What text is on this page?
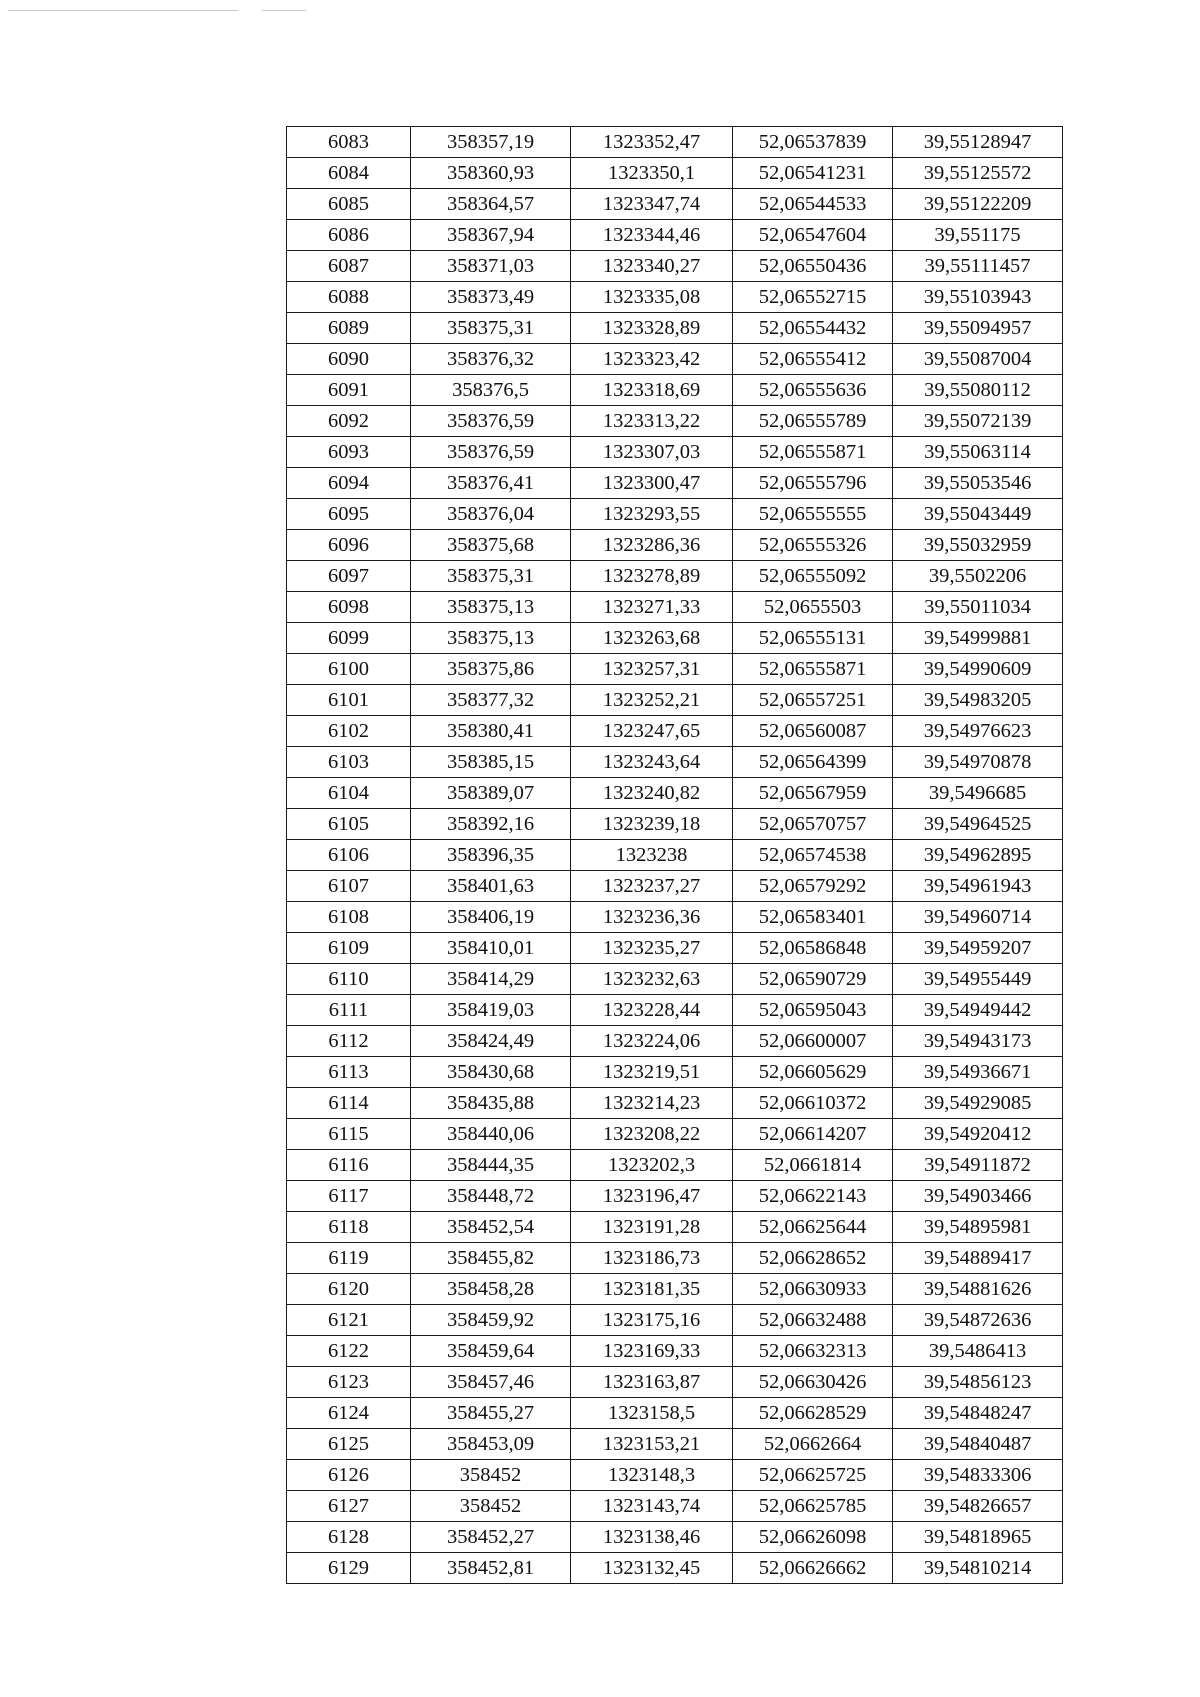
6083	358357,19	1323352,47	52,06537839	39,55128947
6084	358360,93	1323350,1	52,06541231	39,55125572
6085	358364,57	1323347,74	52,06544533	39,55122209
6086	358367,94	1323344,46	52,06547604	39,551175
6087	358371,03	1323340,27	52,06550436	39,55111457
6088	358373,49	1323335,08	52,06552715	39,55103943
6089	358375,31	1323328,89	52,06554432	39,55094957
6090	358376,32	1323323,42	52,06555412	39,55087004
6091	358376,5	1323318,69	52,06555636	39,55080112
6092	358376,59	1323313,22	52,06555789	39,55072139
6093	358376,59	1323307,03	52,06555871	39,55063114
6094	358376,41	1323300,47	52,06555796	39,55053546
6095	358376,04	1323293,55	52,06555555	39,55043449
6096	358375,68	1323286,36	52,06555326	39,55032959
6097	358375,31	1323278,89	52,06555092	39,5502206
6098	358375,13	1323271,33	52,0655503	39,55011034
6099	358375,13	1323263,68	52,06555131	39,54999881
6100	358375,86	1323257,31	52,06555871	39,54990609
6101	358377,32	1323252,21	52,06557251	39,54983205
6102	358380,41	1323247,65	52,06560087	39,54976623
6103	358385,15	1323243,64	52,06564399	39,54970878
6104	358389,07	1323240,82	52,06567959	39,5496685
6105	358392,16	1323239,18	52,06570757	39,54964525
6106	358396,35	1323238	52,06574538	39,54962895
6107	358401,63	1323237,27	52,06579292	39,54961943
6108	358406,19	1323236,36	52,06583401	39,54960714
6109	358410,01	1323235,27	52,06586848	39,54959207
6110	358414,29	1323232,63	52,06590729	39,54955449
6111	358419,03	1323228,44	52,06595043	39,54949442
6112	358424,49	1323224,06	52,06600007	39,54943173
6113	358430,68	1323219,51	52,06605629	39,54936671
6114	358435,88	1323214,23	52,06610372	39,54929085
6115	358440,06	1323208,22	52,06614207	39,54920412
6116	358444,35	1323202,3	52,0661814	39,54911872
6117	358448,72	1323196,47	52,06622143	39,54903466
6118	358452,54	1323191,28	52,06625644	39,54895981
6119	358455,82	1323186,73	52,06628652	39,54889417
6120	358458,28	1323181,35	52,06630933	39,54881626
6121	358459,92	1323175,16	52,06632488	39,54872636
6122	358459,64	1323169,33	52,06632313	39,5486413
6123	358457,46	1323163,87	52,06630426	39,54856123
6124	358455,27	1323158,5	52,06628529	39,54848247
6125	358453,09	1323153,21	52,0662664	39,54840487
6126	358452	1323148,3	52,06625725	39,54833306
6127	358452	1323143,74	52,06625785	39,54826657
6128	358452,27	1323138,46	52,06626098	39,54818965
6129	358452,81	1323132,45	52,06626662	39,54810214
